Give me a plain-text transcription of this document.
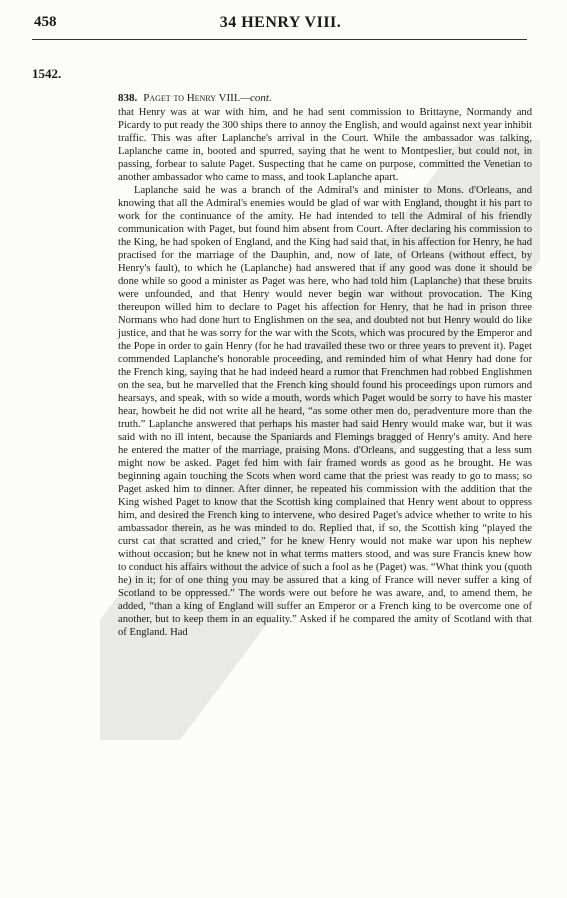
458	34 HENRY VIII.
1542.

838. Paget to Henry VIII.—cont.

that Henry was at war with him, and he had sent commission to Brittayne, Normandy and Picardy to put ready the 300 ships there to annoy the English, and would against next year inhibit traffic. This was after Laplanche's arrival in the Court. While the ambassador was talking, Laplanche came in, booted and spurred, saying that he went to Montpeslier, but could not, in passing, forbear to salute Paget. Suspecting that he came on purpose, committed the Venetian to another ambassador who came to mass, and took Laplanche apart.

Laplanche said he was a branch of the Admiral's and minister to Mons. d'Orleans, and knowing that all the Admiral's enemies would be glad of war with England, thought it his part to work for the continuance of the amity. He had intended to tell the Admiral of his friendly communication with Paget, but found him absent from Court. After declaring his commission to the King, he had spoken of England, and the King had said that, in his affection for Henry, he had practised for the marriage of the Dauphin, and, now of late, of Orleans (without effect, by Henry's fault), to which he (Laplanche) had answered that if any good was done it should be done while so good a minister as Paget was here, who had told him (Laplanche) that these bruits were unfounded, and that Henry would never begin war without provocation. The King thereupon willed him to declare to Paget his affection for Henry, that he had in prison three Normans who had done hurt to Englishmen on the sea, and doubted not but Henry would do like justice, and that he was sorry for the war with the Scots, which was procured by the Emperor and the Pope in order to gain Henry (for he had travailed these two or three years to prevent it). Paget commended Laplanche's honorable proceeding, and reminded him of what Henry had done for the French king, saying that he had indeed heard a rumor that Frenchmen had robbed Englishmen on the sea, but he marvelled that the French king should found his proceedings upon rumors and hearsays, and speak, with so wide a mouth, words which Paget would be sorry to have his master hear, howbeit he did not write all he heard, “as some other men do, peradventure more than the truth.” Laplanche answered that perhaps his master had said Henry would make war, but it was said with no ill intent, because the Spaniards and Flemings bragged of Henry's amity. And here he entered the matter of the marriage, praising Mons. d'Orleans, and suggesting that a less sum might now be asked. Paget fed him with fair framed words as good as he brought. He was beginning again touching the Scots when word came that the priest was ready to go to mass; so Paget asked him to dinner. After dinner, he repeated his commission with the addition that the King wished Paget to know that the Scottish king complained that Henry went about to oppress him, and desired the French king to intervene, who desired Paget's advice whether to write to his ambassador therein, as he was minded to do. Replied that, if so, the Scottish king “played the curst cat that scratted and cried,” for he knew Henry would not make war upon his nephew without occasion; but he knew not in what terms matters stood, and was sure Francis knew how to conduct his affairs without the advice of such a fool as he (Paget) was. “What think you (quoth he) in it; for of one thing you may be assured that a king of France will never suffer a king of Scotland to be oppressed.” The words were out before he was aware, and, to amend them, he added, “than a king of England will suffer an Emperor or a French king to be overcome one of another, but to keep them in an equality.” Asked if he compared the amity of Scotland with that of England. Had
